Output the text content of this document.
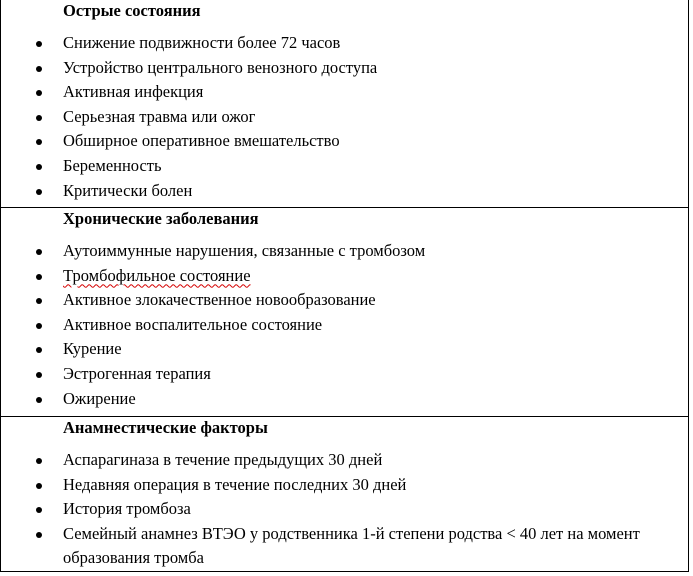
Острые состояния
Снижение подвижности более 72 часов
Устройство центрального венозного доступа
Активная инфекция
Серьезная травма или ожог
Обширное оперативное вмешательство
Беременность
Критически болен

Хронические заболевания
Аутоиммунные нарушения, связанные с тромбозом
Тромбофильное состояние
Активное злокачественное новообразование
Активное воспалительное состояние
Курение
Эстрогенная терапия
Ожирение

Анамнестические факторы
Аспарагиназа в течение предыдущих 30 дней
Недавняя операция в течение последних 30 дней
История тромбоза
Семейный анамнез ВТЭО у родственника 1-й степени родства < 40 лет на момент образования тромба
